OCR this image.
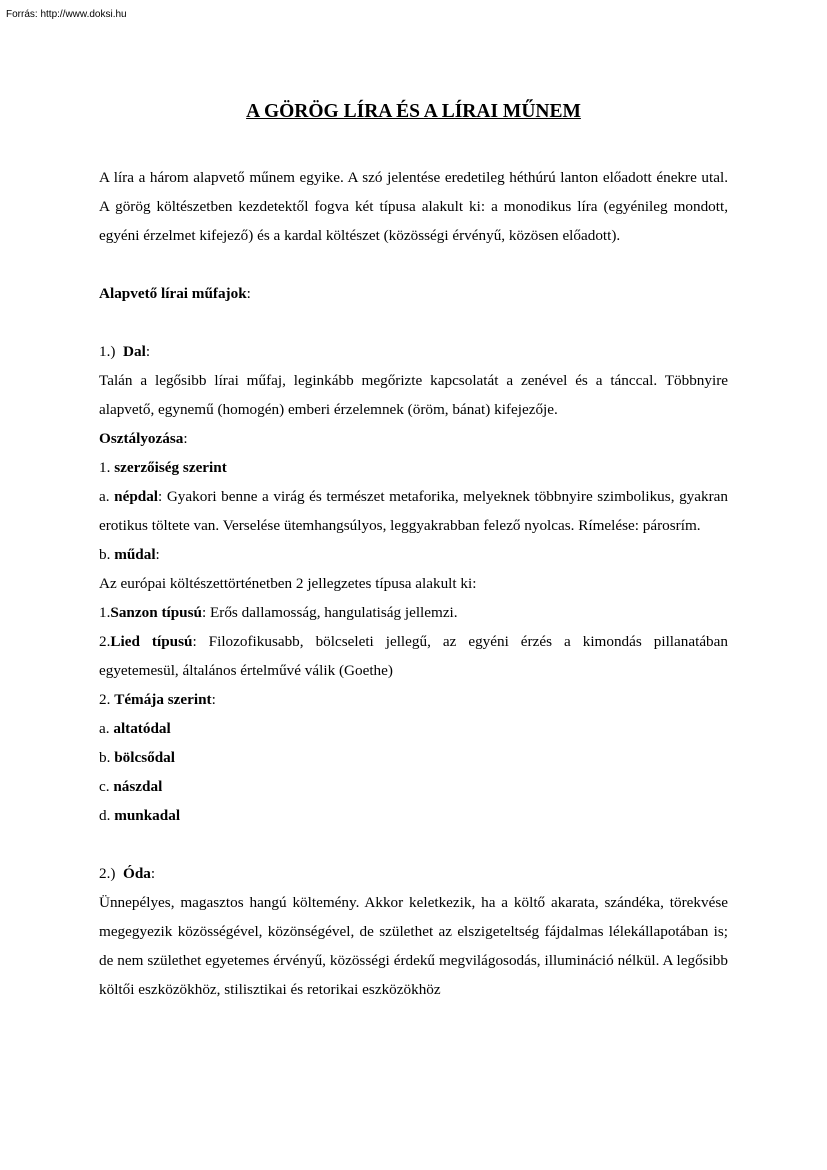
Forrás: http://www.doksi.hu
A GÖRÖG LÍRA ÉS A LÍRAI MŰNEM

A líra a három alapvető műnem egyike. A szó jelentése eredetileg héthúrú lanton előadott énekre utal. A görög költészetben kezdetektől fogva két típusa alakult ki: a monodikus líra (egyénileg mondott, egyéni érzelmet kifejező) és a kardal költészet (közösségi érvényű, közösen előadott).

Alapvető lírai műfajok:

1.) Dal:

Talán a legősibb lírai műfaj, leginkább megőrizte kapcsolatát a zenével és a tánccal. Többnyire alapvető, egynemű (homogén) emberi érzelemnek (öröm, bánat) kifejezője.

Osztályozása:

1. szerzőiség szerint

a. népdal: Gyakori benne a virág és természet metaforika, melyeknek többnyire szimbolikus, gyakran erotikus töltete van. Verselése ütemhangsúlyos, leggyakrabban felező nyolcas. Rímelése: párosrím.

b. műdal:

Az európai költészettörténetben 2 jellegzetes típusa alakult ki:

1.Sanzon típusú: Erős dallamosság, hangulatiság jellemzi.

2.Lied típusú: Filozofikusabb, bölcseleti jellegű, az egyéni érzés a kimondás pillanatában egyetemesül, általános értelművé válik (Goethe)

2. Témája szerint:

a. altatódal

b. bölcsődal

c. nászdal

d. munkadal

2.) Óda:

Ünnepélyes, magasztos hangú költemény. Akkor keletkezik, ha a költő akarata, szándéka, törekvése megegyezik közösségével, közönségével, de születhet az elszigeteltség fájdalmas lélekállapotában is; de nem születhet egyetemes érvényű, közösségi érdekű megvilágosodás, illumináció nélkül. A legősibb költői eszközökhöz, stilisztikai és retorikai eszközökhöz
